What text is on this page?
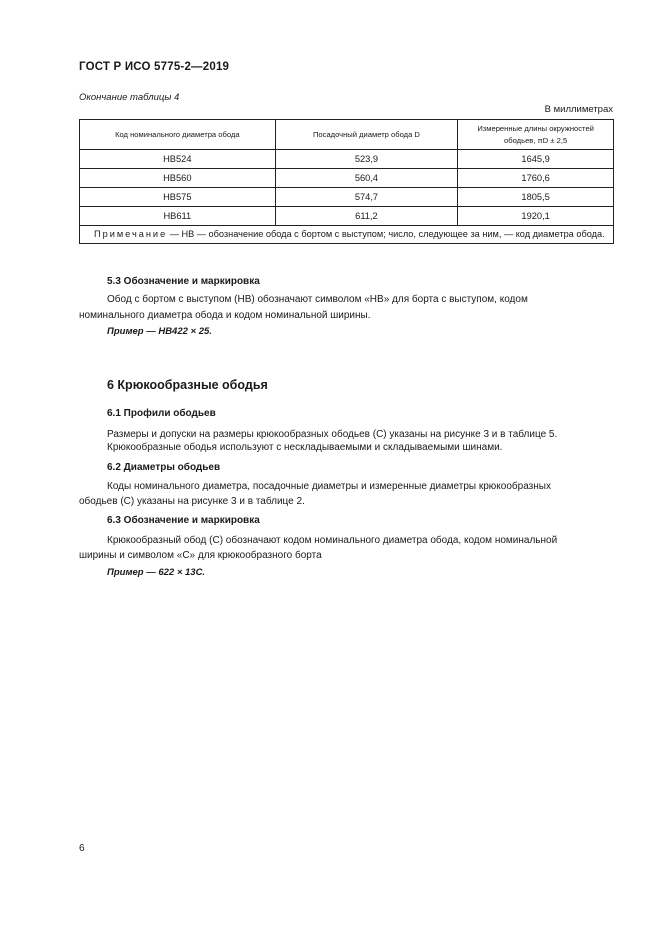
ГОСТ Р ИСО 5775-2—2019
Окончание таблицы 4
В миллиметрах
Код номинального диаметра обода	Посадочный диаметр обода D	Измеренные длины окружностей
ободьев, πD ± 2,5

HB524	523,9	1645,9
HB560	560,4	1760,6
HB575	574,7	1805,5
HB611	611,2	1920,1
Примечание — HB — обозначение обода с бортом с выступом; число, следующее за ним, — код диаметра обода.		
5.3 Обозначение и маркировка
Обод с бортом с выступом (HB) обозначают символом «HB» для борта с выступом, кодом
номинального диаметра обода и кодом номинальной ширины.
Пример — HB422 × 25.
6 Крюкообразные ободья
6.1 Профили ободьев
Размеры и допуски на размеры крюкообразных ободьев (С) указаны на рисунке 3 и в таблице 5.
Крюкообразные ободья используют с нескладываемыми и складываемыми шинами.
6.2 Диаметры ободьев
Коды номинального диаметра, посадочные диаметры и измеренные диаметры крюкообразных
ободьев (С) указаны на рисунке 3 и в таблице 2.
6.3 Обозначение и маркировка
Крюкообразный обод (С) обозначают кодом номинального диаметра обода, кодом номинальной
ширины и символом «С» для крюкообразного борта
Пример — 622 × 13С.
6
